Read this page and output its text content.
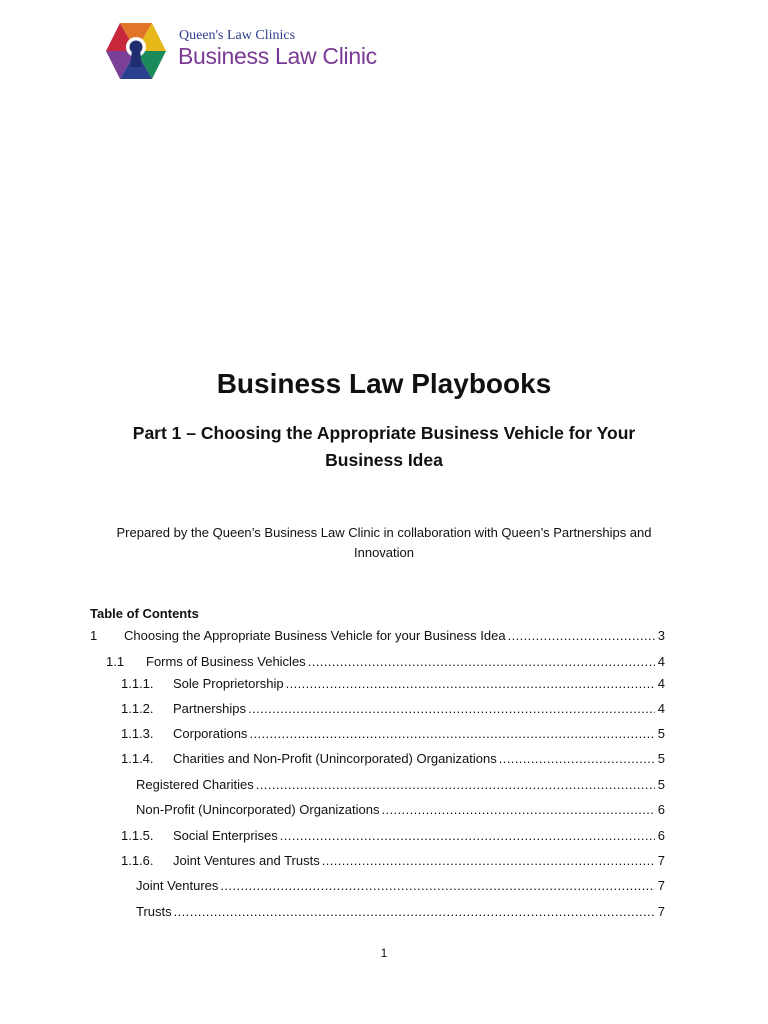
Queen's Law Clinics
Business Law Clinic
Business Law Playbooks
Part 1 – Choosing the Appropriate Business Vehicle for Your Business Idea

Prepared by the Queen’s Business Law Clinic in collaboration with Queen’s Partnerships and Innovation

Table of Contents
1 Choosing the Appropriate Business Vehicle for your Business Idea .....	3
1.1 Forms of Business Vehicles .....	4
1.1.1. Sole Proprietorship .....	4
1.1.2. Partnerships .....	4
1.1.3. Corporations .....	5
1.1.4. Charities and Non-Profit (Unincorporated) Organizations .....	5
Registered Charities .....	5
Non-Profit (Unincorporated) Organizations .....	6
1.1.5. Social Enterprises .....	6
1.1.6. Joint Ventures and Trusts .....	7
Joint Ventures .....	7
Trusts .....	7
1
